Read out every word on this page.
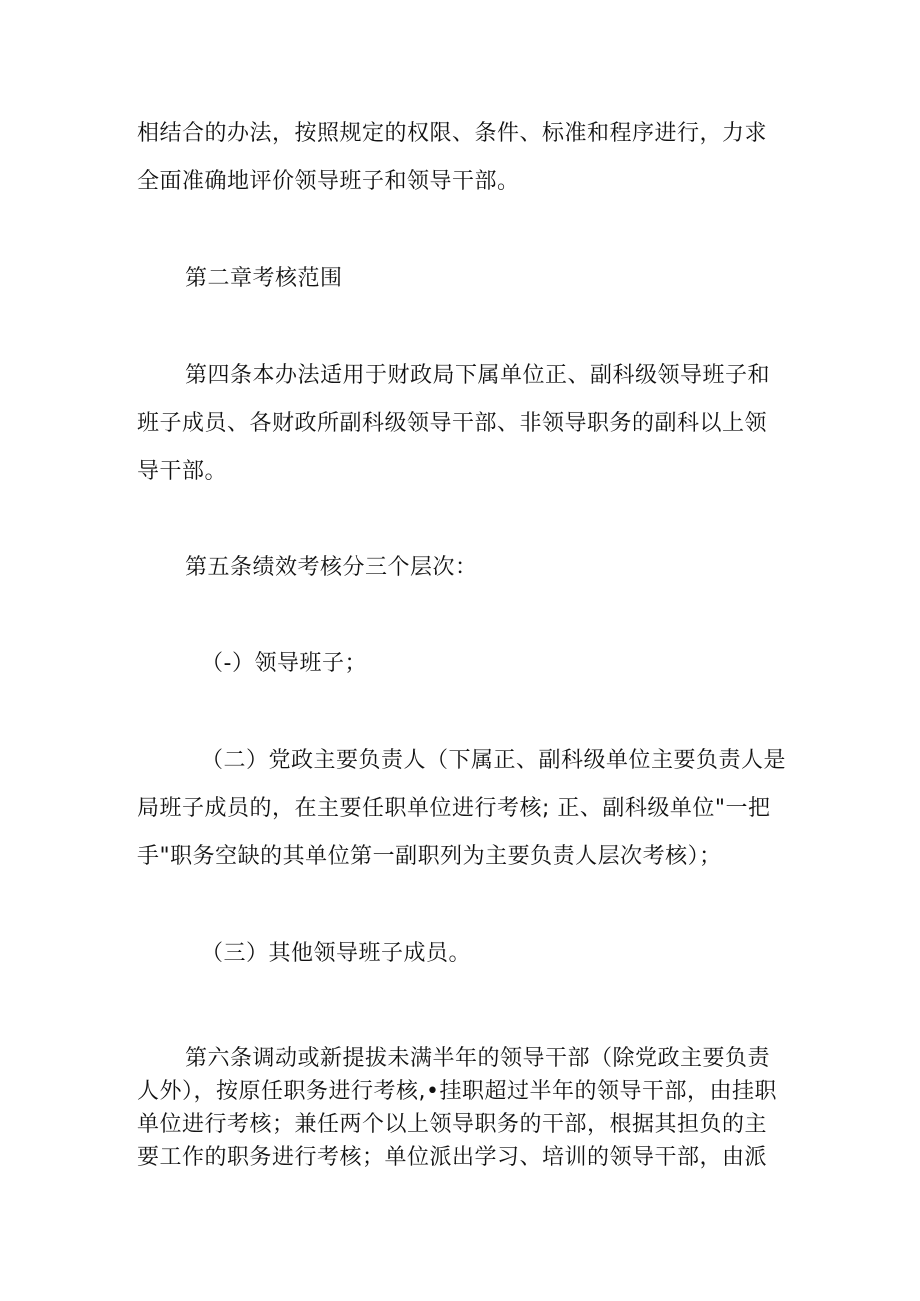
相结合的办法，按照规定的权限、条件、标准和程序进行，力求
全面准确地评价领导班子和领导干部。

第二章考核范围

第四条本办法适用于财政局下属单位正、副科级领导班子和
班子成员、各财政所副科级领导干部、非领导职务的副科以上领
导干部。

第五条绩效考核分三个层次：

（-）领导班子；

（二）党政主要负责人（下属正、副科级单位主要负责人是
局班子成员的，在主要任职单位进行考核; 正、副科级单位"一把
手"职务空缺的其单位第一副职列为主要负责人层次考核）；

（三）其他领导班子成员。

第六条调动或新提拔未满半年的领导干部（除党政主要负责
人外），按原任职务进行考核,•挂职超过半年的领导干部，由挂职
单位进行考核；兼任两个以上领导职务的干部，根据其担负的主
要工作的职务进行考核；单位派出学习、培训的领导干部，由派
